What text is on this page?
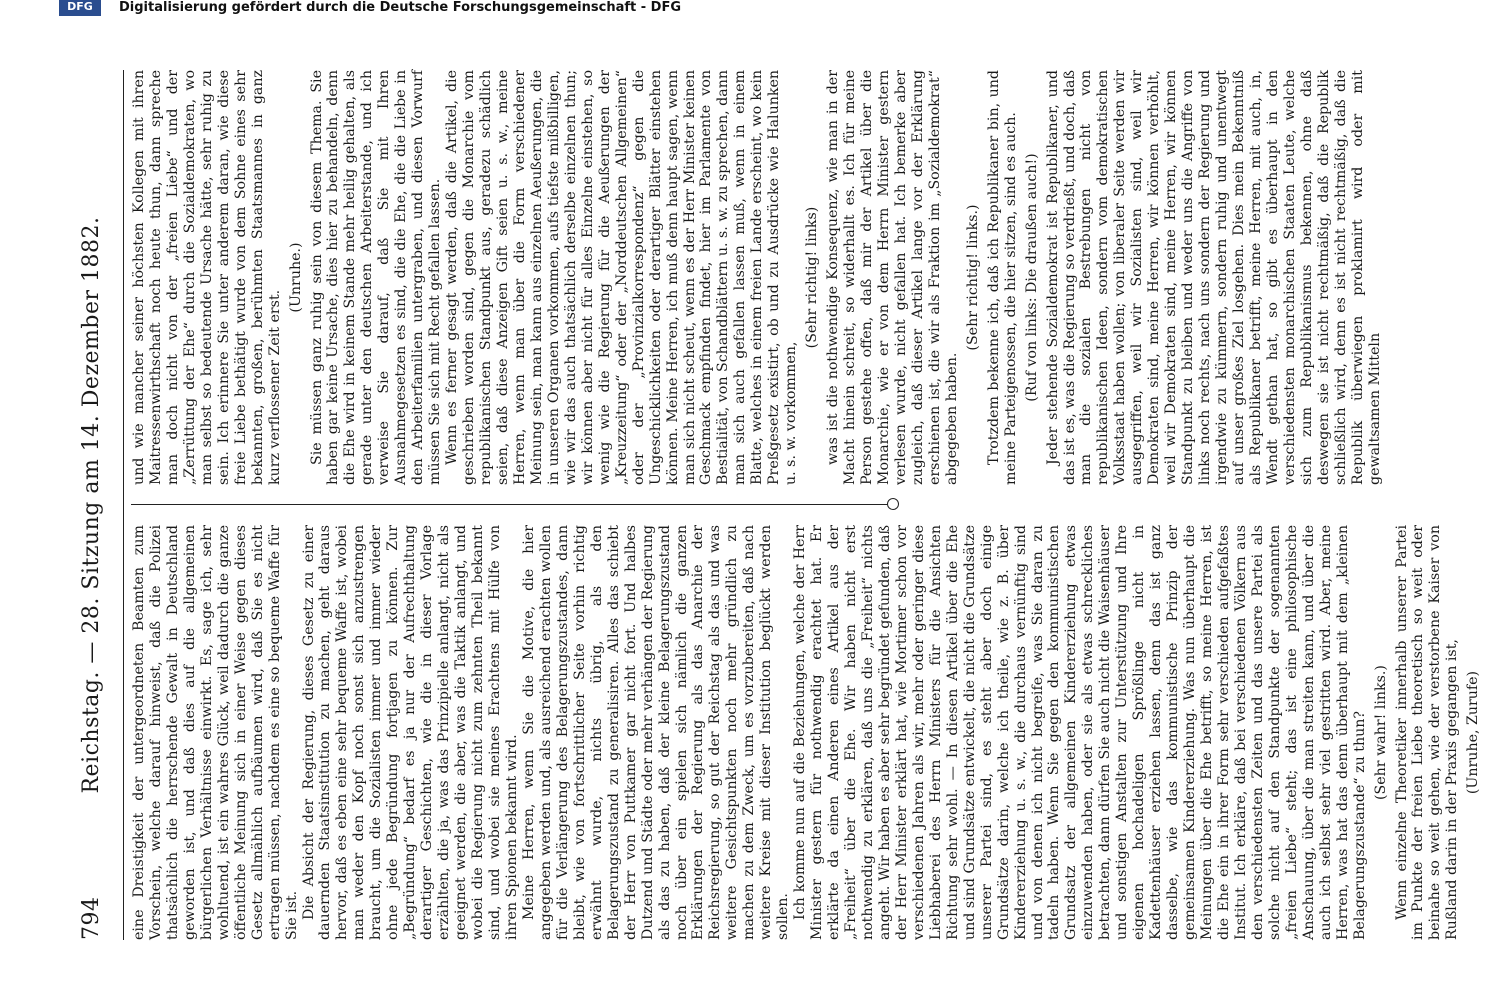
794
Reichstag. — 28. Sitzung am 14. Dezember 1882. eine Dreistigkeit der untergeordneten Beamten zum Vorschein, welche darauf hinweist, daß die Polizei thatsächlich die herrschende Gewalt in Deutschland geworden ist, und daß dies auf die allgemeinen bürgerlichen Verhältnisse einwirkt. Es, sage ich, sehr wohltuend, ist ein wahres Glück, weil dadurch die ganze öffentliche Meinung sich in einer Weise gegen dieses Gesetz allmählich aufbäumen wird, daß Sie es nicht ertragen müssen, nachdem es eine so bequeme Waffe für Sie ist. Die Absicht der Regierung, dieses Gesetz zu einer dauernden Staatsinstitution zu machen, geht daraus hervor, daß es eben eine sehr bequeme Waffe ist, wobei man weder den Kopf noch sonst sich anzustrengen braucht, um die Sozialisten immer und immer wieder ohne jede Begründung fortjagen zu können. Zur „Begründung“ bedarf es ja nur der Aufrechthaltung derartiger Geschichten, wie die in dieser Vorlage erzählten, die ja, was das Prinzipielle anlangt, nicht als geeignet werden, die aber, was die Taktik anlangt, und wobei die Regierung nicht zum zehnten Theil bekannt sind, und wobei sie meines Erachtens mit Hülfe von ihren Spionen bekannt wird. Meine Herren, wenn Sie die Motive, die hier angegeben werden und, als ausreichend erachten wollen für die Verlängerung des Belagerungszustandes, dann bleibt, wie von fortschrittlicher Seite vorhin richtig erwähnt wurde, nichts übrig, als den Belagerungszustand zu generalisiren. Alles das schiebt der Herr von Puttkamer gar nicht fort. Und halbes Dutzend und Städte oder mehr verhängen der Regierung als das zu haben, daß der kleine Belagerungszustand noch über ein spielen sich nämlich die ganzen Erklärungen der Regierung als das Anarchie der Reichsregierung, so gut der Reichstag als das und was weitere Gesichtspunkten noch mehr gründlich zu machen zu dem Zweck, um es vorzubereiten, daß nach weitere Kreise mit dieser Institution beglückt werden sollen. Ich komme nun auf die Beziehungen, welche der Herr Minister gestern für nothwendig erachtet hat. Er erklärte da einen Anderen eines Artikel aus der „Freiheit“ über die Ehe. Wir haben nicht erst nothwendig zu erklären, daß uns die „Freiheit“ nichts angeht. Wir haben es aber sehr begründet gefunden, daß der Herr Minister erklärt hat, wie Mortimer schon vor verschiedenen Jahren als wir, mehr oder geringer diese Liebhaberei des Herrn Ministers für die Ansichten Richtung sehr wohl. — In diesen Artikel über die Ehe und sind Grundsätze entwickelt, die nicht die Grundsätze unserer Partei sind, es steht aber doch einige Grundsätze darin, welche ich theile, wie z. B. über Kindererziehung u. s. w., die durchaus vernünftig sind und von denen ich nicht begreife, was Sie daran zu tadeln haben. Wenn Sie gegen den kommunistischen Grundsatz der allgemeinen Kindererziehung etwas einzuwenden haben, oder sie als etwas schreckliches betrachten, dann dürfen Sie auch nicht die Waisenhäuser und sonstigen Anstalten zur Unterstützung und Ihre eigenen hochadeligen Sprößlinge nicht in Kadettenhäuser erziehen lassen, denn das ist ganz dasselbe, wie das kommunistische Prinzip der gemeinsamen Kindererziehung. Was nun überhaupt die Meinungen über die Ehe betrifft, so meine Herren, ist die Ehe ein in ihrer Form sehr verschieden aufgefaßtes Institut. Ich erkläre, daß bei verschiedenen Völkern aus den verschiedensten Zeiten und das unsere Partei als solche nicht auf den Standpunkte der sogenannten „freien Liebe“ steht; das ist eine philosophische Anschauung, über die man streiten kann, und über die auch ich selbst sehr viel gestritten wird. Aber, meine Herren, was hat das denn überhaupt mit dem „kleinen Belagerungszustande“ zu thun? (Sehr wahr! links.) Wenn einzelne Theoretiker innerhalb unserer Partei im Punkte der freien Liebe theoretisch so weit oder beinahe so weit gehen, wie der verstorbene Kaiser von Rußland darin in der Praxis gegangen ist, (Unruhe, Zurufe)

und wie mancher seiner höchsten Kollegen mit ihren Maitressenwirthschaft noch heute thun, dann spreche man doch nicht von der „freien Liebe“ und der „Zerrüttung der Ehe“ durch die Sozialdemokraten, wo man selbst so bedeutende Ursache hätte, sehr ruhig zu sein. Ich erinnere Sie unter anderem daran, wie diese freie Liebe bethätigt wurde von dem Sohne eines sehr bekannten, großen, berühmten Staatsmannes in ganz kurz verflossener Zeit erst.

(Unruhe.) Sie müssen ganz ruhig sein von diesem Thema. Sie haben gar keine Ursache, dies hier zu behandeln, denn die Ehe wird in keinem Stande mehr heilig gehalten, als gerade unter den deutschen Arbeiterstande, und ich verweise Sie darauf, daß Sie mit Ihren Ausnahmegesetzen es sind, die die Ehe, die die Liebe in den Arbeiterfamilien untergraben, und diesen Vorwurf müssen Sie sich mit Recht gefallen lassen. Wenn es ferner gesagt werden, daß die Artikel, die geschrieben worden sind, gegen die Monarchie vom republikanischen Standpunkt aus, geradezu schädlich seien, daß diese Anzeigen Gift seien u. s. w., meine Herren, wenn man über die Form verschiedener Meinung sein, man kann aus einzelnen Aeußerungen, die in unseren Organen vorkommen, aufs tiefste mißbilligen, wie wir das auch thatsächlich derselbe einzelnen thun; wir können aber nicht für alles Einzelne einstehen, so wenig wie die Regierung für die Aeußerungen der „Kreuzzeitung“ oder der „Norddeutschen Allgemeinen“ oder der „Provinzialkorrespondenz“ gegen die Ungeschicklichkeiten oder derartiger Blätter einstehen können. Meine Herren, ich muß denn haupt sagen, wenn man sich nicht scheut, wenn es der Herr Minister keinen Geschmack empfinden findet, hier im Parlamente von Bestialität, von Schandblättern u. s. w. zu sprechen, dann man sich auch gefallen lassen muß, wenn in einem Blatte, welches in einem freien Lande erscheint, wo kein Preßgesetz existirt, ob und zu Ausdrücke wie Halunken u. s. w. vorkommen,

(Sehr richtig! links) was ist die nothwendige Konsequenz, wie man in der Macht hinein schreit, so widerhallt es. Ich für meine Person gestehe offen, daß mir der Artikel über die Monarchie, wie er von dem Herrn Minister gestern verlesen wurde, nicht gefallen hat. Ich bemerke aber zugleich, daß dieser Artikel lange vor der Erklärung erschienen ist, die wir als Fraktion im „Sozialdemokrat“ abgegeben haben.

(Sehr richtig! links.) Trotzdem bekenne ich, daß ich Republikaner bin, und meine Parteigenossen, die hier sitzen, sind es auch. (Ruf von links: Die draußen auch!) Jeder stehende Sozialdemokrat ist Republikaner, und das ist es, was die Regierung so verdrießt, und doch, daß man die sozialen Bestrebungen nicht von republikanischen Ideen, sondern vom demokratischen Volksstaat haben wollen; von liberaler Seite werden wir ausgegriffen, weil wir Sozialisten sind, weil wir Demokraten sind, meine Herren, wir können verhöhlt, weil wir Demokraten sind, meine Herren, wir können Standpunkt zu bleiben und weder uns die Angriffe von links noch rechts, nach uns sondern der Regierung und irgendwie zu kümmern, sondern ruhig und unentwegt auf unser großes Ziel losgehen. Dies mein Bekenntniß als Republikaner betrifft, meine Herren, mit auch, in, Wendt gethan hat, so gibt es überhaupt in den verschiedensten monarchischen Staaten Leute, welche sich zum Republikanismus bekennen, ohne daß deswegen sie ist nicht rechtmäßig, daß die Republik schließlich wird, denn es ist nicht rechtmäßig, daß die Republik überwiegen proklamirt wird oder mit gewaltsamen Mitteln

Digitalisierung gefördert durch die Deutsche Forschungsgemeinschaft - DFG
DFG
